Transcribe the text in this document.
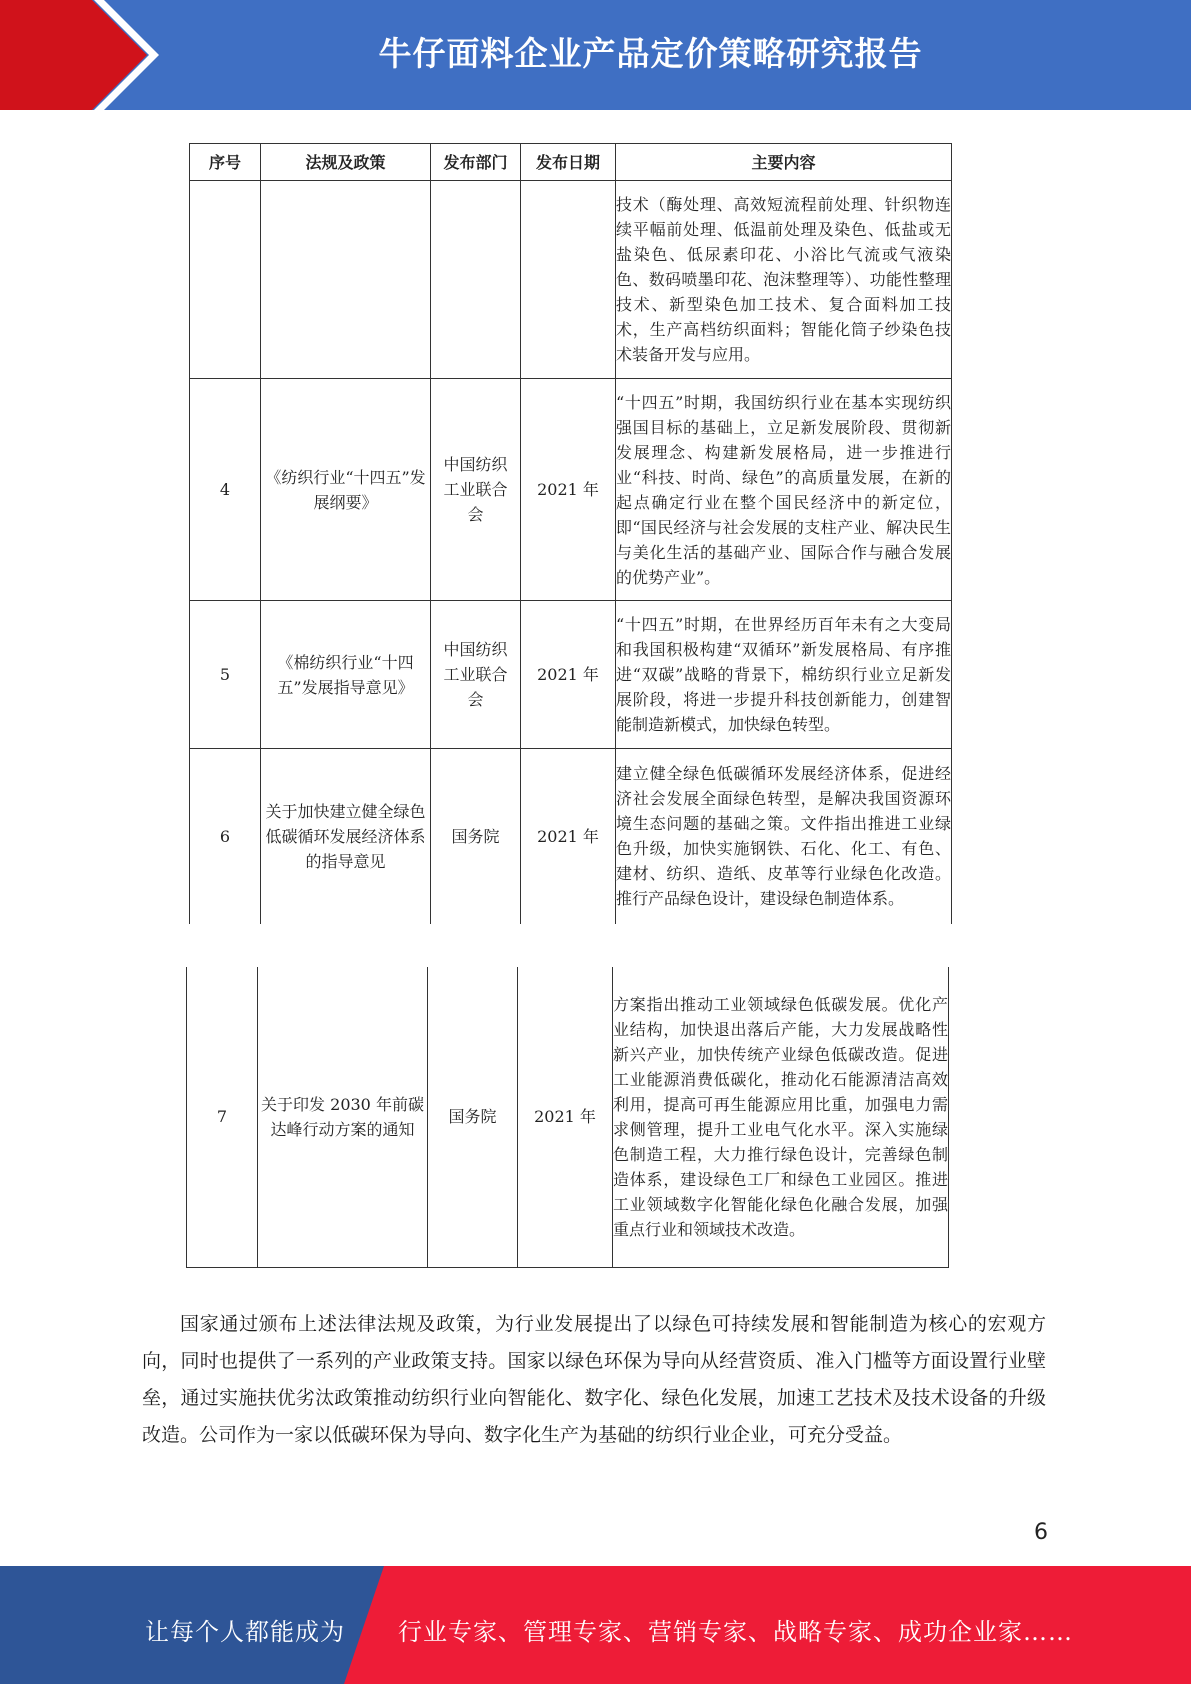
牛仔面料企业产品定价策略研究报告
序号	法规及政策	发布部门	发布日期	主要内容
				技术（酶处理、高效短流程前处理、针织物连续平幅前处理、低温前处理及染色、低盐或无盐染色、低尿素印花、小浴比气流或气液染色、数码喷墨印花、泡沫整理等）、功能性整理技术、新型染色加工技术、复合面料加工技术，生产高档纺织面料；智能化筒子纱染色技术装备开发与应用。
4	《纺织行业“十四五”发展纲要》	中国纺织工业联合会	2021 年	“十四五”时期，我国纺织行业在基本实现纺织强国目标的基础上，立足新发展阶段、贯彻新发展理念、构建新发展格局，进一步推进行业“科技、时尚、绿色”的高质量发展，在新的起点确定行业在整个国民经济中的新定位，即“国民经济与社会发展的支柱产业、解决民生与美化生活的基础产业、国际合作与融合发展的优势产业”。
5	《棉纺织行业“十四五”发展指导意见》	中国纺织工业联合会	2021 年	“十四五”时期，在世界经历百年未有之大变局和我国积极构建“双循环”新发展格局、有序推进“双碳”战略的背景下，棉纺织行业立足新发展阶段，将进一步提升科技创新能力，创建智能制造新模式，加快绿色转型。
6	关于加快建立健全绿色低碳循环发展经济体系的指导意见	国务院	2021 年	建立健全绿色低碳循环发展经济体系，促进经济社会发展全面绿色转型，是解决我国资源环境生态问题的基础之策。文件指出推进工业绿色升级，加快实施钢铁、石化、化工、有色、建材、纺织、造纸、皮革等行业绿色化改造。推行产品绿色设计，建设绿色制造体系。
7	关于印发 2030 年前碳达峰行动方案的通知	国务院	2021 年	方案指出推动工业领域绿色低碳发展。优化产业结构，加快退出落后产能，大力发展战略性新兴产业，加快传统产业绿色低碳改造。促进工业能源消费低碳化，推动化石能源清洁高效利用，提高可再生能源应用比重，加强电力需求侧管理，提升工业电气化水平。深入实施绿色制造工程，大力推行绿色设计，完善绿色制造体系，建设绿色工厂和绿色工业园区。推进工业领域数字化智能化绿色化融合发展，加强重点行业和领域技术改造。

国家通过颁布上述法律法规及政策，为行业发展提出了以绿色可持续发展和智能制造为核心的宏观方向，同时也提供了一系列的产业政策支持。国家以绿色环保为导向从经营资质、准入门槛等方面设置行业壁垒，通过实施扶优劣汰政策推动纺织行业向智能化、数字化、绿色化发展，加速工艺技术及技术设备的升级改造。公司作为一家以低碳环保为导向、数字化生产为基础的纺织行业企业，可充分受益。

6
让每个人都能成为 行业专家、管理专家、营销专家、战略专家、成功企业家……
